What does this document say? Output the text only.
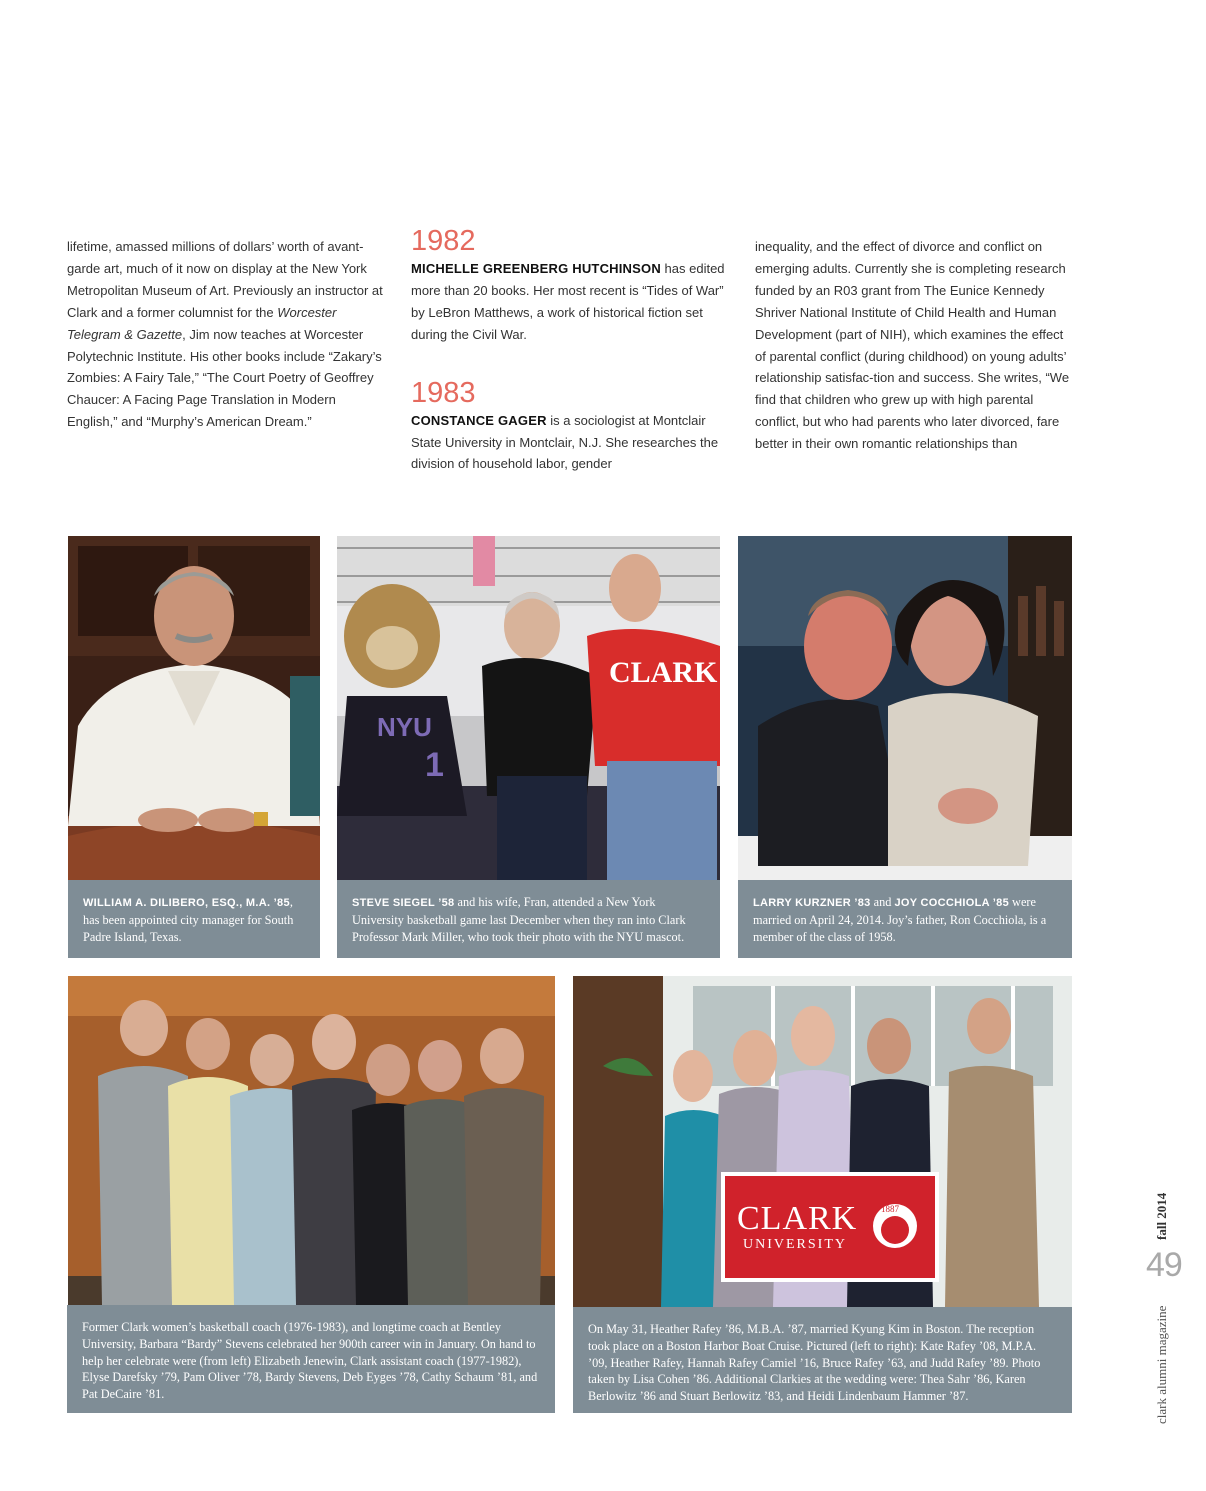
lifetime, amassed millions of dollars’ worth of avant-garde art, much of it now on display at the New York Metropolitan Museum of Art. Previously an instructor at Clark and a former columnist for the Worcester Telegram & Gazette, Jim now teaches at Worcester Polytechnic Institute. His other books include “Zakary’s Zombies: A Fairy Tale,” “The Court Poetry of Geoffrey Chaucer: A Facing Page Translation in Modern English,” and “Murphy’s American Dream.”

1982

MICHELLE GREENBERG HUTCHINSON has edited more than 20 books. Her most recent is “Tides of War” by LeBron Matthews, a work of historical fiction set during the Civil War.

1983

CONSTANCE GAGER is a sociologist at Montclair State University in Montclair, N.J. She researches the division of household labor, gender

inequality, and the effect of divorce and conflict on emerging adults. Currently she is completing research funded by an R03 grant from The Eunice Kennedy Shriver National Institute of Child Health and Human Development (part of NIH), which examines the effect of parental conflict (during childhood) on young adults’ relationship satisfac-tion and success. She writes, “We find that children who grew up with high parental conflict, but who had parents who later divorced, fare better in their own romantic relationships than

WILLIAM A. DILIBERO, ESQ., M.A. ’85, has been appointed city manager for South Padre Island, Texas.
NYU
1
CLARK
STEVE SIEGEL ’58 and his wife, Fran, attended a New York University basketball game last December when they ran into Clark Professor Mark Miller, who took their photo with the NYU mascot.
LARRY KURZNER ’83 and JOY COCCHIOLA ’85 were married on April 24, 2014. Joy’s father, Ron Cocchiola, is a member of the class of 1958.
Former Clark women’s basketball coach (1976-1983), and longtime coach at Bentley University, Barbara “Bardy” Stevens celebrated her 900th career win in January. On hand to help her celebrate were (from left) Elizabeth Jenewin, Clark assistant coach (1977-1982), Elyse Darefsky ’79, Pam Oliver ’78, Bardy Stevens, Deb Eyges ’78, Cathy Schaum ’81, and Pat DeCaire ’81.
CLARK
UNIVERSITY
1887
On May 31, Heather Rafey ’86, M.B.A. ’87, married Kyung Kim in Boston. The reception took place on a Boston Harbor Boat Cruise. Pictured (left to right): Kate Rafey ’08, M.P.A. ’09, Heather Rafey, Hannah Rafey Camiel ’16, Bruce Rafey ’63, and Judd Rafey ’89. Photo taken by Lisa Cohen ’86. Additional Clarkies at the wedding were: Thea Sahr ’86, Karen Berlowitz ’86 and Stuart Berlowitz ’83, and Heidi Lindenbaum Hammer ’87.
fall 2014
49
clark alumni magazine
